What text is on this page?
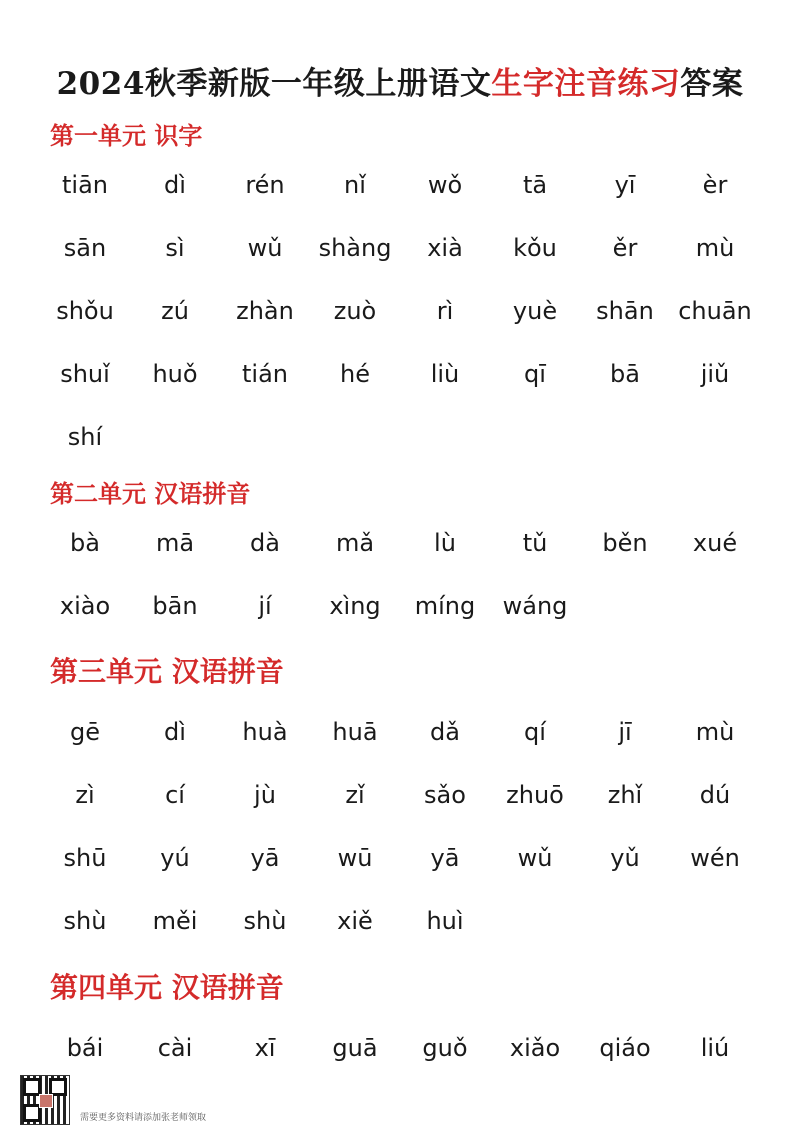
2024秋季新版一年级上册语文生字注音练习答案
第一单元 识字
tiān	dì	rén	nǐ	wǒ	tā	yī	èr
sān	sì	wǔ	shàng	xià	kǒu	ěr	mù
shǒu	zú	zhàn	zuò	rì	yuè	shān	chuān
shuǐ	huǒ	tián	hé	liù	qī	bā	jiǔ
shí
第二单元 汉语拼音
bà	mā	dà	mǎ	lù	tǔ	běn	xué
xiào	bān	jí	xìng	míng	wáng
第三单元 汉语拼音
gē	dì	huà	huā	dǎ	qí	jī	mù
zì	cí	jù	zǐ	sǎo	zhuō	zhǐ	dú
shū	yú	yā	wū	yā	wǔ	yǔ	wén
shù	měi	shù	xiě	huì
第四单元 汉语拼音
bái	cài	xī	guā	guǒ	xiǎo	qiáo	liú
需要更多资料请添加张老师领取
